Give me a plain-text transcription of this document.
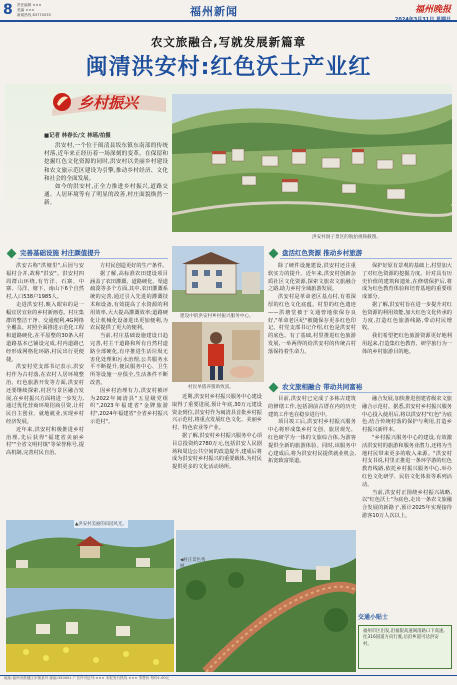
8 责任编辑 ×××
美编 ×××
新闻热线 83770033	福州新闻	福州晚报
2024年3月31日 星期日
农文旅融合,写就发展新篇章
闽清洪安村:红色沃土产业红
乡村振兴
■记者 林春长/文 林瑶/拍摄

洪安村,一个位于闽清县坂东镇东南部的传统村落,近年来正经历着一场深刻的变革。在保留和挖掘红色文化资源的同时,洪安村以美丽乡村建设和农文旅示范区建设为引擎,推动乡村经济、文化和社会的全面发展。

如今的洪安村,正全力推进乡村振兴,道路交通、人居环境等有了明显的改善,村庄面貌焕然一新。

洪安村洞子景区的航拍视频截图。
完善基础设施 村庄颜值提升

洪安古称"洪塘里",后因与安福村合并,故称"洪安"。洪安村四周群山环绕,有竹洋、石寨、中寨、马洋、塘下、南山下6个自然村,人口538户1985人。

走进洪安村,映入眼帘的是一幅宜居宜业的乡村新画卷。村庄集群的整洁干净、交通便利,4G网络全覆盖。对照全面推进示范化工程和道路硬化,在平原整的30条入村道路基本已铺设完成,村内道路已经形成网格化环路,村民出行更便捷。

洪安村党支部书记表示,洪安村作为古村落,在农村人居环境整治、红色旅游开发等方面,洪安村还要继续探索,村居与景区融合发展,在乡村振兴方面将进一步发力,通过优化营商环境招商引资,让村民自主创业、就地就业,实现乡村经济发展。

近年来,洪安村积极推进乡村治理,先后获得"福建省美丽乡村""全省文明村镇"等荣誉称号,提高机制,完善村民自治。

方村民创造更好的生产条件。

据了解,高标准农田建设项目涵盖了农田灌溉、道路硬化、渠道疏浚等多个方面,其中,农田灌溉系统的完善,通过引入先进的灌溉技术和设备,有效提高了水资源的利用效率,大大提高灌溉效率;道路硬化让机械化设备进出更加便利,为农民提供了更大的便利。

当前,村庄基础设施建设日趋完善,村主干道路和所有自然村道路全部硬化,有序推进生活垃圾无害化处理和污水治理,公共服务水平不断提升,便民服务中心、卫生所等设施一应俱全,生活条件不断改善。

因乡村治理有力,洪安村被评为2022年闽清县"五星级党组织",2023年福建省"金牌旅游村",2024年福建省"全省乡村振兴示范村"。

建设中的洪安村乡村振兴服务中心。
村民单猪养猪助致富。
盘活红色资源 推动乡村旅游

除了硬件设施建设,洪安村还注重软实力的提升。近年来,洪安村创新杂质社区文化资源,探索文旅农文旅融合之路,助力乡村全域旅游发展。

洪安村是革命老区基点村,有着深厚的红色文化底蕴。村里的红色遗迹——洪塘堂被于文通曾地依保存良好,"革命老区纪"被随保存更多红色印记。村党支部书记介绍,红色是洪安村的底色。有了基础,村里推进红色旅游发展,一举两得的给洪安村的传统古村落保持着生命力。

保护好原有景观的基础上,村里加大了对红色资源的挖掘力度。针对具有历史价值的建筑和遗址,在修缮保护后,将成为红色教育体验和培育基地的重要组成部分。

据了解,洪安村旨在进一步提升对红色资源的利用效能,加大红色文化传承的力度,打造红色旅游线路,带动村民增收。

我们希望把红色旅游资源更好地利用起来,打造集红色教育、研学旅行为一体的乡村旅游目的地。

农文旅相融合 带动共同富裕

近期,洪安村乡村振兴服务中心建设取得了重要进展,预计年底,30万元建设资金到位,洪安村作为闽清县首批乡村振兴示范村,将重点发展红色文化、美丽乡村、特色农业等产业。

据了解,洪安村乡村振兴服务中心项目总投资约2780万元,包括洪安人民剧场和周边公共空间的改造提升,建成后将成为洪安村乡村振兴的重要载体,为村民提供更多的文化活动场所。

目前,洪安村已完成了多栋古建筑的修缮工作,包括洞前古厝在内的历史建筑工作也在稳步进行中。

项目竣工后,洪安村乡村振兴服务中心将形成集乡村文创、旅居观光、红色研学为一体的文旅综合体,为游客提供全新的旅游体验。同时,该服务中心建成后,将为洪安村民提供就业机会,拓宽致富渠道。

融合发展,加快推进创建省级农文旅融合示范村。据悉,洪安村乡村振兴服务中心投入使用后,将以洪安村"红色"为底色,结合传统村落的保护与利用,打造乡村振兴新样本。

"乡村振兴服务中心的建设,有效激活洪安村的旅游和服务业潜力,还将为当地村民带来更多的收入来源。"洪安村村支书说,村里正推进一条环学游的红色教育线路,依托乡村振兴服务中心,举办红色文化研学、民俗文化体验等系列活动。

当前,洪安村正围绕乡村振兴战略,以"红色沃土"为底色,走出一条农文旅融合发展的新路子,预计2025年实现接待游客10万人次以上。

▲洪安村美丽的田园风光。
◀村庄景色秀丽。
交通小贴士
福州市区出发,沿福银高速闽清路口下高速,往316国道方向行驶,后沿乡道可达洪安村。
地址:福州市鼓楼区东街某号 邮编:350001 广告许可证号:××× 本报发行热线 ××× 零售价 每份1.00元
